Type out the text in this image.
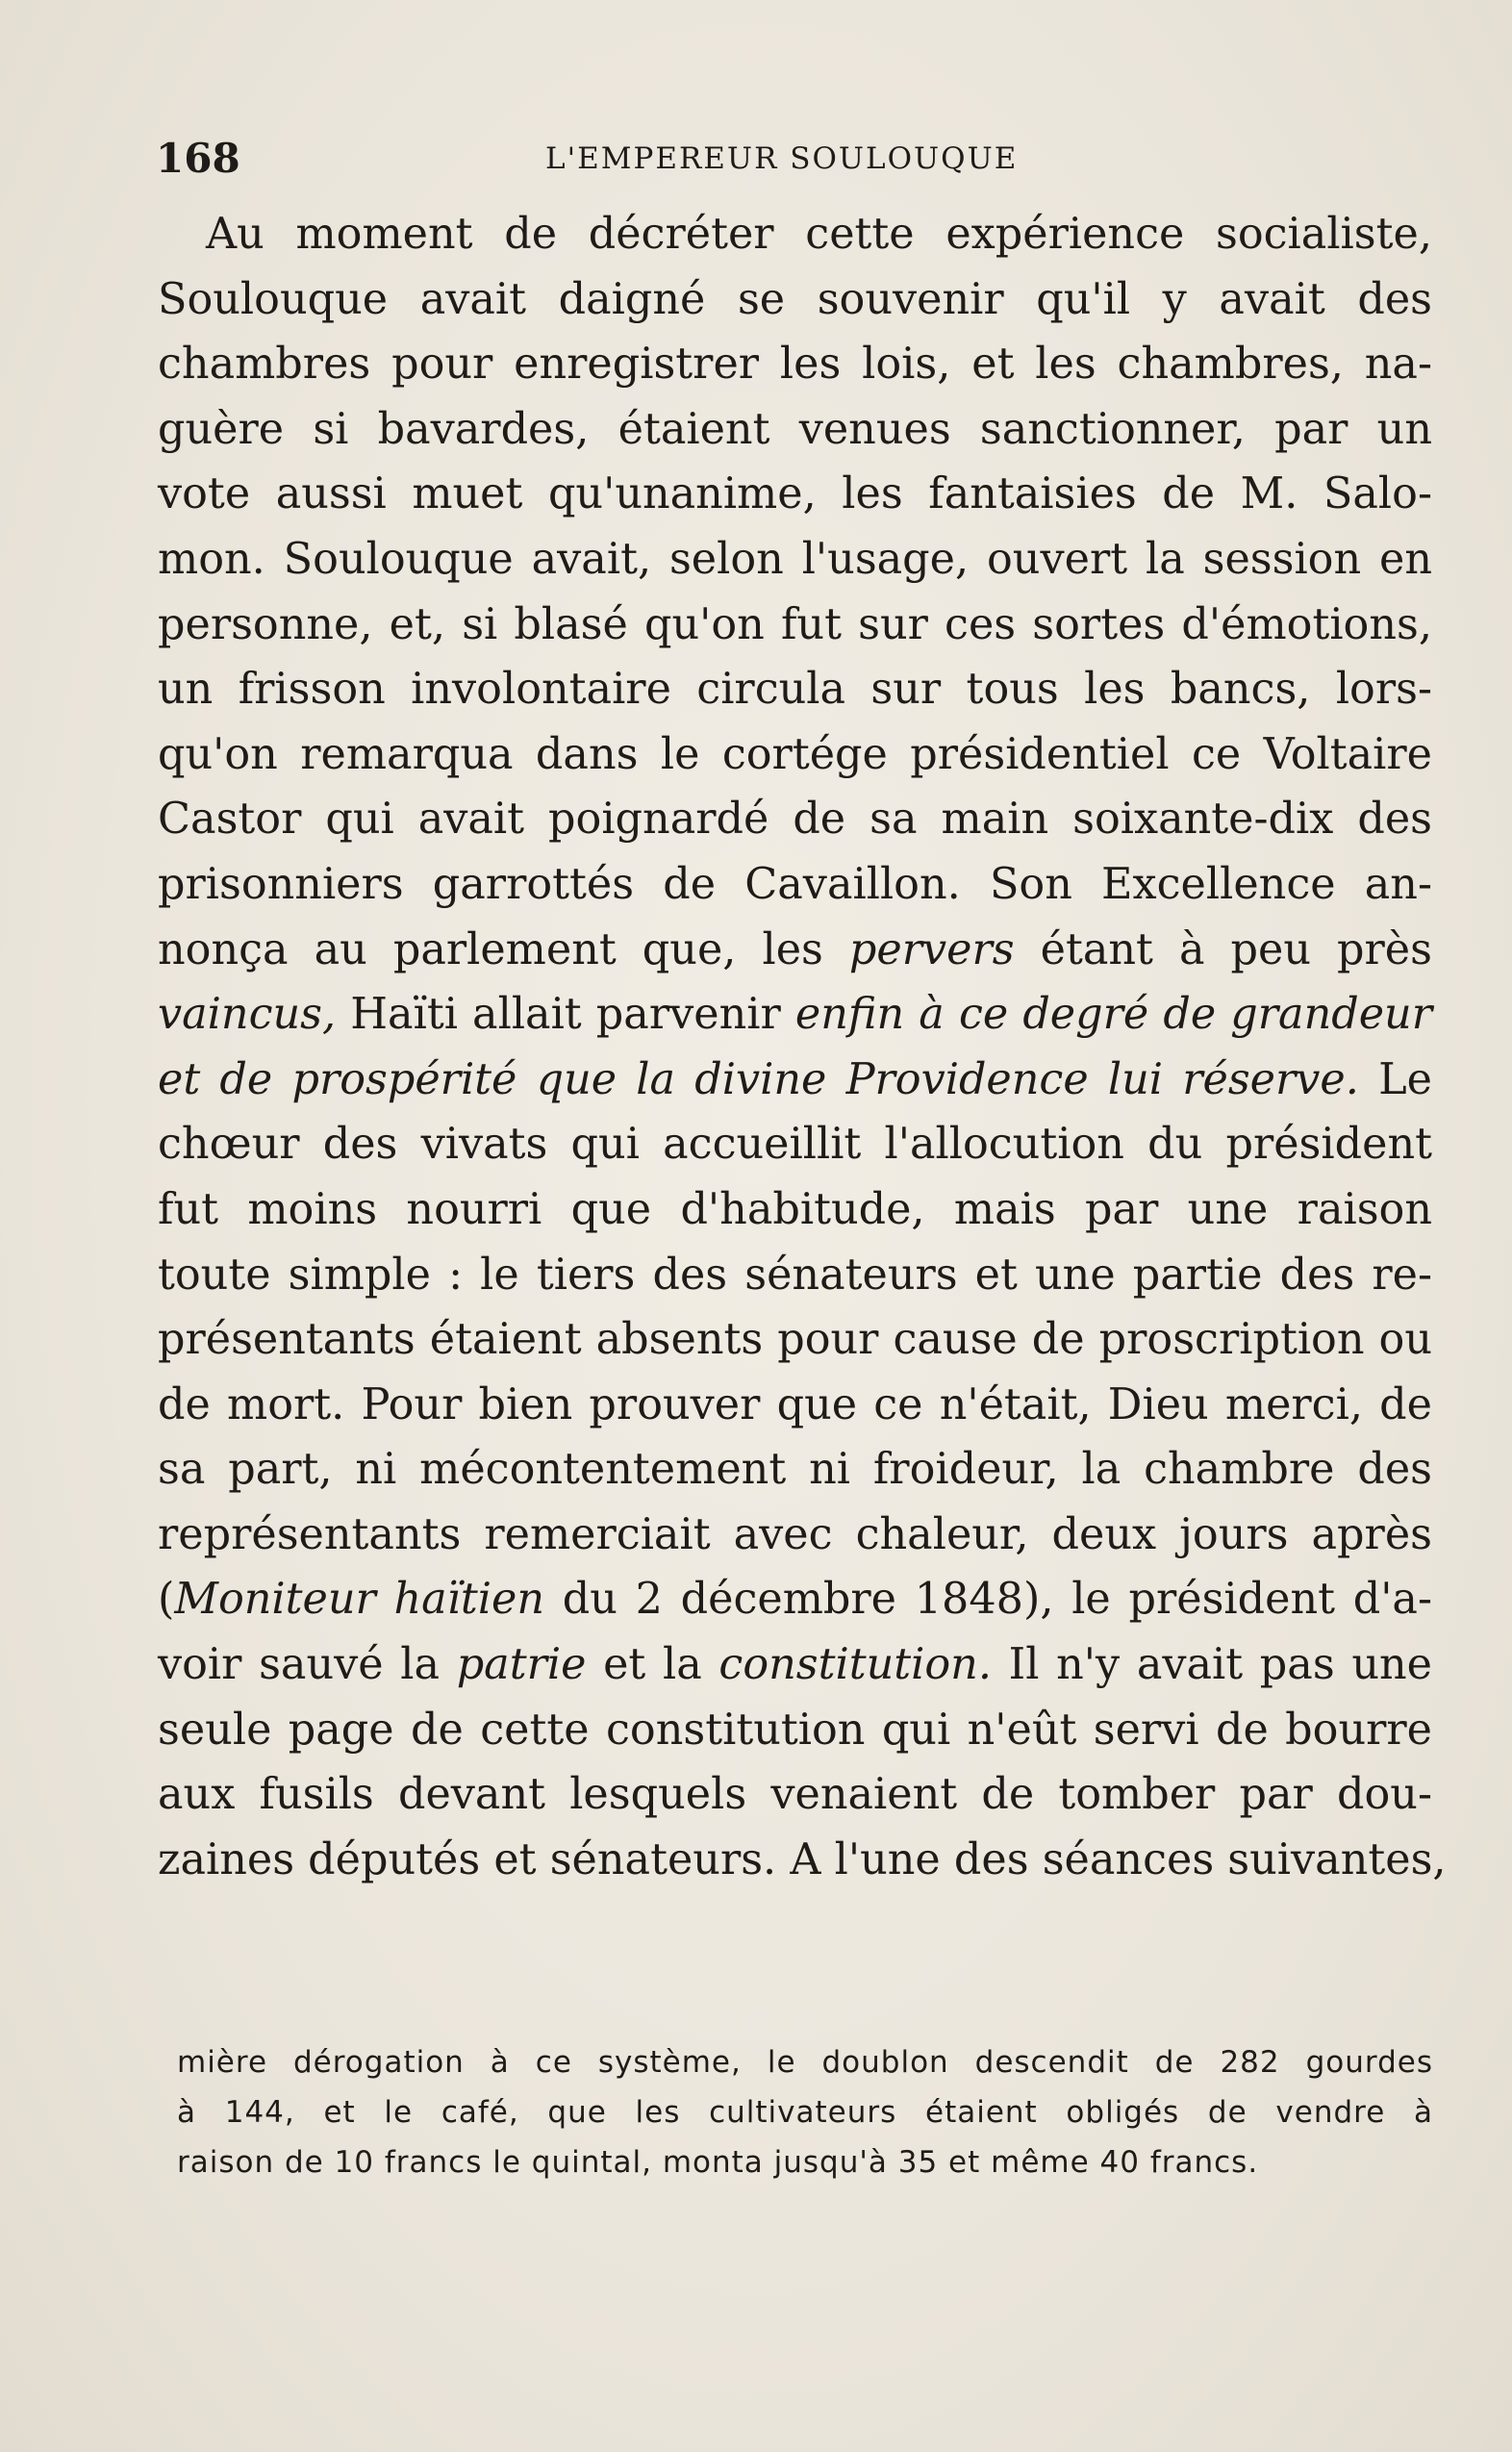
168	L'EMPEREUR SOULOUQUE
Au moment de décréter cette expérience socialiste,
Soulouque avait daigné se souvenir qu'il y avait des
chambres pour enregistrer les lois, et les chambres, na-
guère si bavardes, étaient venues sanctionner, par un
vote aussi muet qu'unanime, les fantaisies de M. Salo-
mon. Soulouque avait, selon l'usage, ouvert la session en
personne, et, si blasé qu'on fut sur ces sortes d'émotions,
un frisson involontaire circula sur tous les bancs, lors-
qu'on remarqua dans le cortége présidentiel ce Voltaire
Castor qui avait poignardé de sa main soixante-dix des
prisonniers garrottés de Cavaillon. Son Excellence an-
nonça au parlement que, les pervers étant à peu près
vaincus, Haïti allait parvenir enfin à ce degré de grandeur
et de prospérité que la divine Providence lui réserve. Le
chœur des vivats qui accueillit l'allocution du président
fut moins nourri que d'habitude, mais par une raison
toute simple : le tiers des sénateurs et une partie des re-
présentants étaient absents pour cause de proscription ou
de mort. Pour bien prouver que ce n'était, Dieu merci, de
sa part, ni mécontentement ni froideur, la chambre des
représentants remerciait avec chaleur, deux jours après
(Moniteur haïtien du 2 décembre 1848), le président d'a-
voir sauvé la patrie et la constitution. Il n'y avait pas une
seule page de cette constitution qui n'eût servi de bourre
aux fusils devant lesquels venaient de tomber par dou-
zaines députés et sénateurs. A l'une des séances suivantes,
mière dérogation à ce système, le doublon descendit de 282 gourdes
à 144, et le café, que les cultivateurs étaient obligés de vendre à
raison de 10 francs le quintal, monta jusqu'à 35 et même 40 francs.
